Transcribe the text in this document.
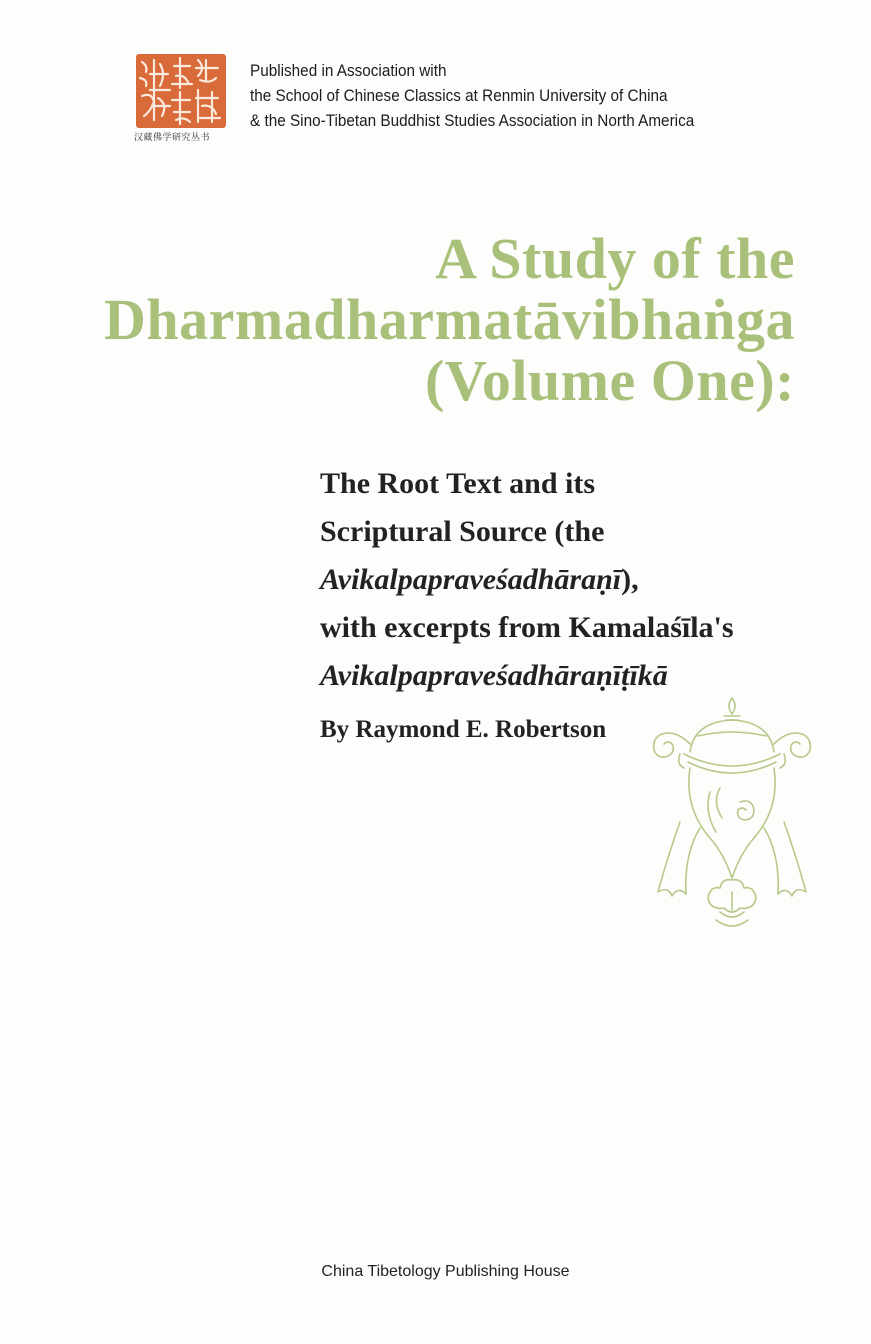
汉藏佛学研究丛书
Published in Association with
the School of Chinese Classics at Renmin University of China
& the Sino-Tibetan Buddhist Studies Association in North America
A Study of the
Dharmadharmatāvibhaṅga
(Volume One):
The Root Text and its
Scriptural Source (the
Avikalpapraveśadhāraṇī),
with excerpts from Kamalaśīla's
Avikalpapraveśadhāraṇīṭīkā
By Raymond E. Robertson
China Tibetology Publishing House
